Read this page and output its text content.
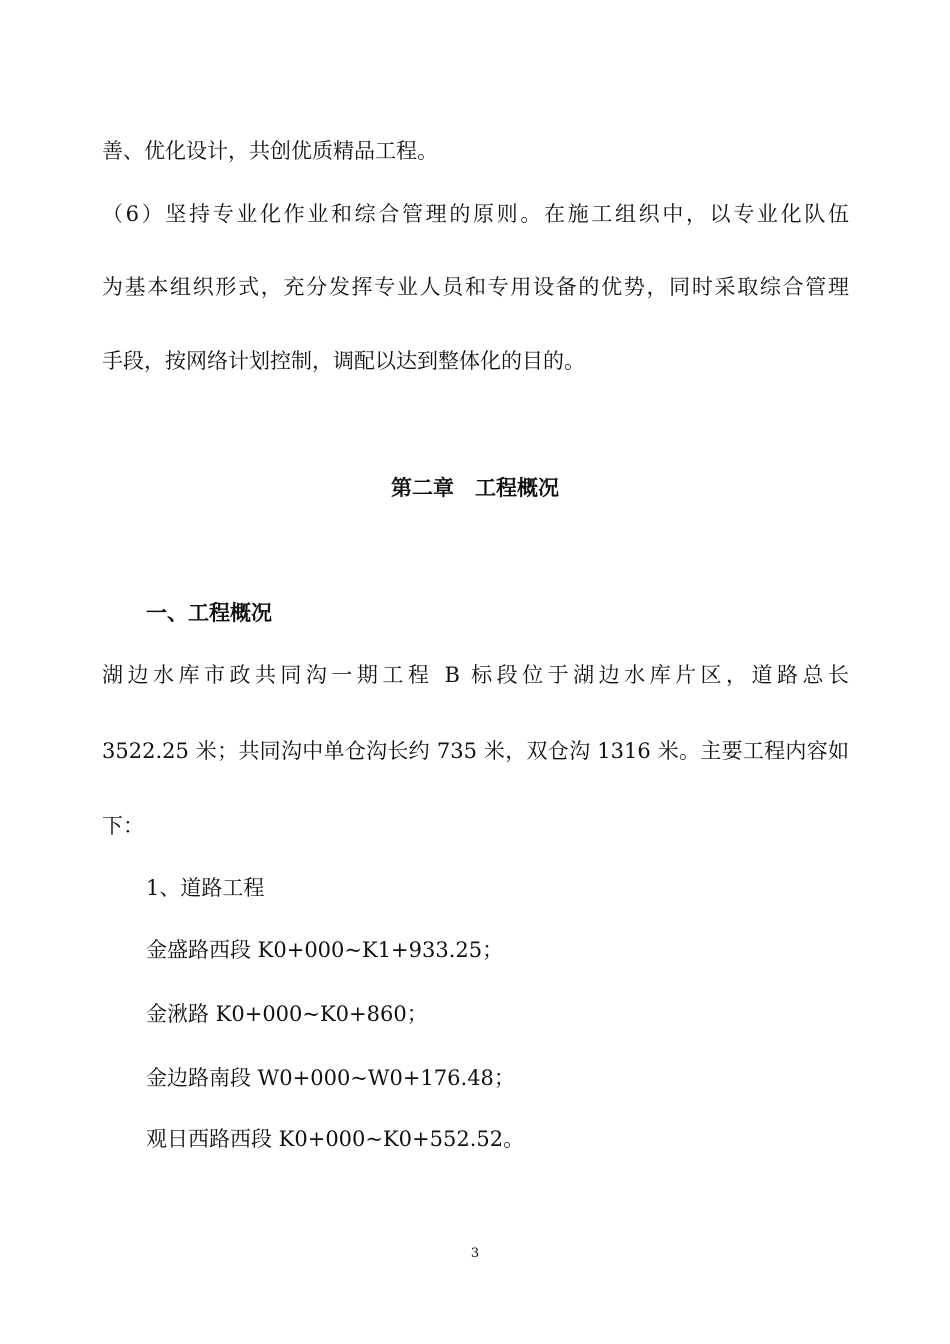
善、优化设计，共创优质精品工程。
（6）坚持专业化作业和综合管理的原则。在施工组织中，以专业化队伍
为基本组织形式，充分发挥专业人员和专用设备的优势，同时采取综合管理
手段，按网络计划控制，调配以达到整体化的目的。
第二章　工程概况
一、工程概况
湖边水库市政共同沟一期工程 B 标段位于湖边水库片区，道路总长
3522.25 米；共同沟中单仓沟长约 735 米，双仓沟 1316 米。主要工程内容如
下：
1、道路工程
金盛路西段 K0+000~K1+933.25；
金湫路 K0+000~K0+860；
金边路南段 W0+000~W0+176.48；
观日西路西段 K0+000~K0+552.52。
3
